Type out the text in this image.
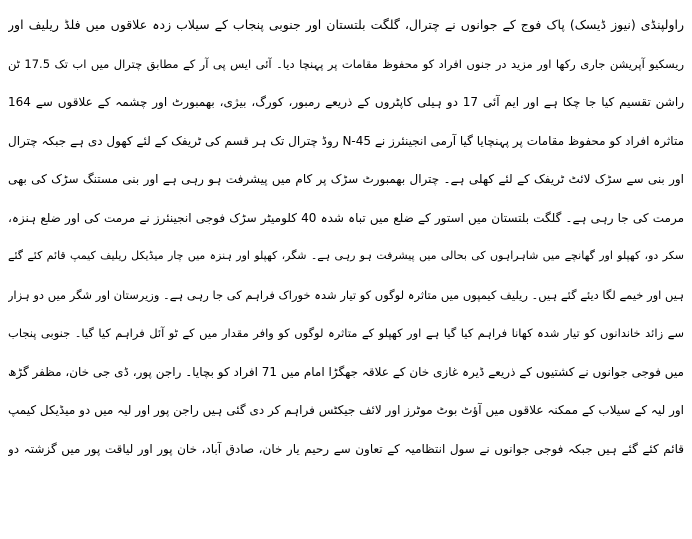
راولپنڈی (نیوز ڈیسک) پاک فوج کے جوانوں نے چترال، گلگت بلتستان اور جنوبی پنجاب کے سیلاب زدہ علاقوں میں فلڈ ریلیف اور
ریسکیو آپریشن جاری رکھا اور مزید در جنوں افراد کو محفوظ مقامات پر پہنچا دیا۔ آئی ایس پی آر کے مطابق چترال میں اب تک 17.5 ٹن
راشن تقسیم کیا جا چکا ہے اور ایم آئی 17 دو ہیلی کاپٹروں کے ذریعے رمبور، کورگ، بیژی، بھمبورٹ اور چشمہ کے علاقوں سے 164
متاثرہ افراد کو محفوظ مقامات پر پہنچایا گیا آرمی انجینئرز نے N-45 روڈ چترال تک ہر قسم کی ٹریفک کے لئے کھول دی ہے جبکہ چترال
اور بنی سے سڑک لائٹ ٹریفک کے لئے کھلی ہے۔ چترال بھمبورٹ سڑک پر کام میں پیشرفت ہو رہی ہے اور بنی مستنگ سڑک کی بھی
مرمت کی جا رہی ہے۔ گلگت بلتستان میں استور کے ضلع میں تباہ شدہ 40 کلومیٹر سڑک فوجی انجینئرز نے مرمت کی اور ضلع ہنزہ،
سکر دو، کھپلو اور گھانچے میں شاہراہوں کی بحالی میں پیشرفت ہو رہی ہے۔ شگر، کھپلو اور ہنزہ میں چار میڈیکل ریلیف کیمپ قائم کئے گئے
ہیں اور خیمے لگا دیئے گئے ہیں۔ ریلیف کیمپوں میں متاثرہ لوگوں کو تیار شدہ خوراک فراہم کی جا رہی ہے۔ وزیرستان اور شگر میں دو ہزار
سے زائد خاندانوں کو تیار شدہ کھانا فراہم کیا گیا ہے اور کھپلو کے متاثرہ لوگوں کو وافر مقدار میں کے ٹو آئل فراہم کیا گیا۔ جنوبی پنجاب
میں فوجی جوانوں نے کشتیوں کے ذریعے ڈیرہ غازی خان کے علاقہ جھگڑا امام میں 71 افراد کو بچایا۔ راجن پور، ڈی جی خان، مظفر گڑھ
اور لیہ کے سیلاب کے ممکنہ علاقوں میں آؤٹ بوٹ موٹرز اور لائف جیکٹس فراہم کر دی گئی ہیں راجن پور اور لیہ میں دو میڈیکل کیمپ
قائم کئے گئے ہیں جبکہ فوجی جوانوں نے سول انتظامیہ کے تعاون سے رحیم یار خان، صادق آباد، خان پور اور لیاقت پور میں گزشتہ دو
